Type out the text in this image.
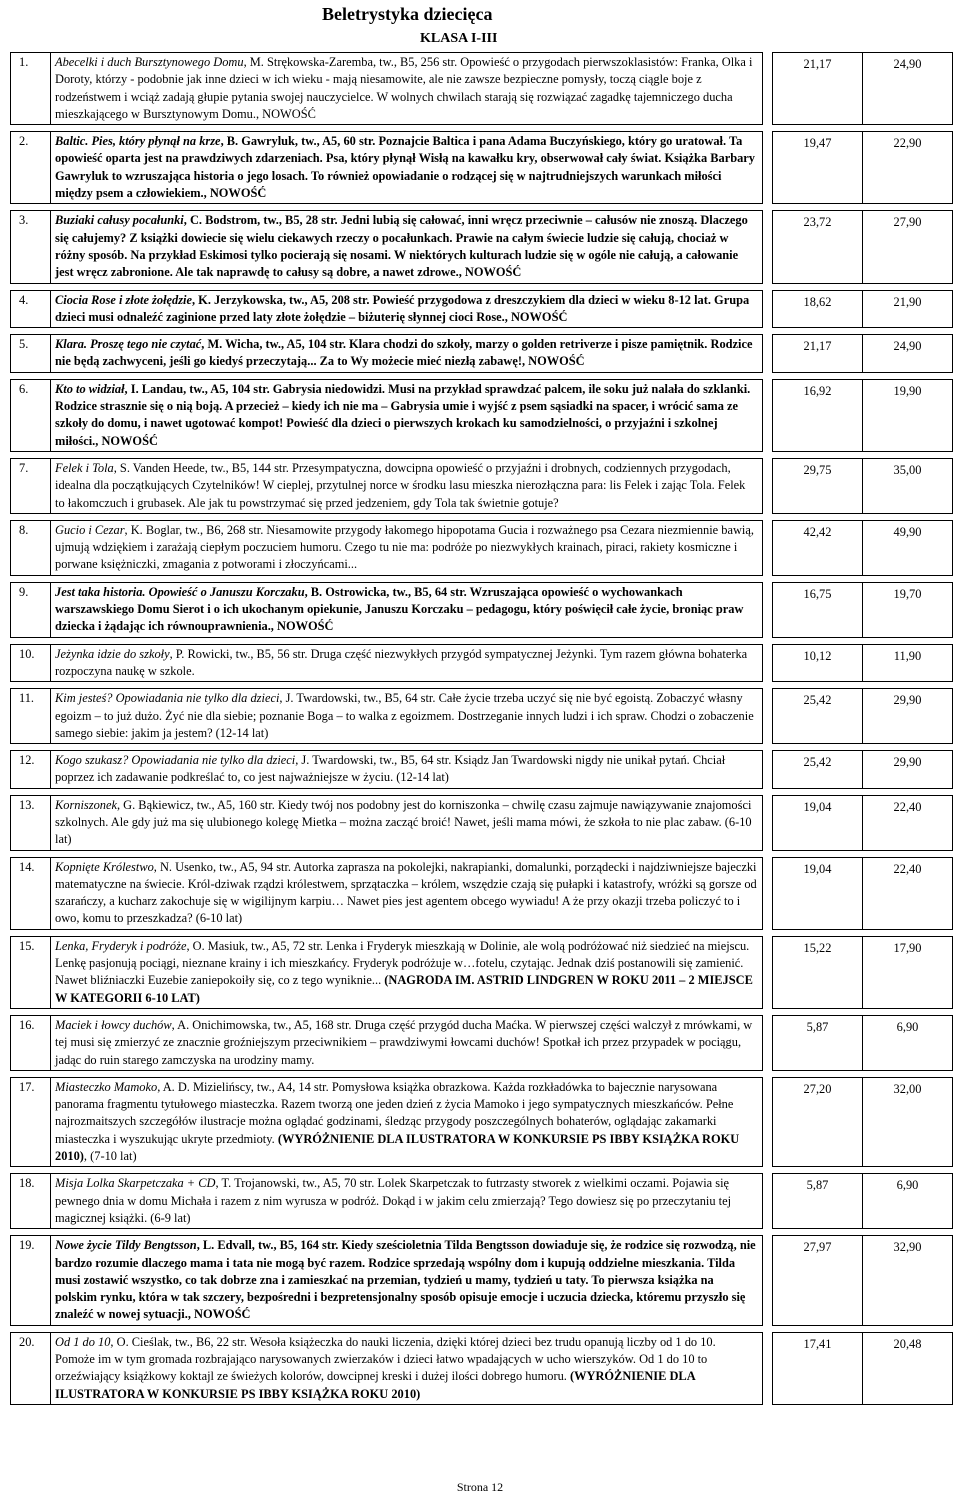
Beletrystyka dziecięca
KLASA I-III

1.	Abecelki i duch Bursztynowego Domu, M. Strękowska-Zaremba, tw., B5, 256 str. Opowieść o przygodach pierwszoklasistów: Franka, Olka i Doroty, którzy - podobnie jak inne dzieci w ich wieku - mają niesamowite, ale nie zawsze bezpieczne pomysły, toczą ciągle boje z rodzeństwem i wciąż zadają głupie pytania swojej nauczycielce. W wolnych chwilach starają się rozwiązać zagadkę tajemniczego ducha mieszkającego w Bursztynowym Domu., NOWOŚĆ		21,17	24,90

2.	Baltic. Pies, który płynął na krze, B. Gawryluk, tw., A5, 60 str. Poznajcie Baltica i pana Adama Buczyńskiego, który go uratował. Ta opowieść oparta jest na prawdziwych zdarzeniach. Psa, który płynął Wisłą na kawałku kry, obserwował cały świat. Książka Barbary Gawryluk to wzruszająca historia o jego losach. To również opowiadanie o rodzącej się w najtrudniejszych warunkach miłości między psem a człowiekiem., NOWOŚĆ		19,47	22,90

3.	Buziaki całusy pocałunki, C. Bodstrom, tw., B5, 28 str. Jedni lubią się całować, inni wręcz przeciwnie – całusów nie znoszą. Dlaczego się całujemy? Z książki dowiecie się wielu ciekawych rzeczy o pocałunkach. Prawie na całym świecie ludzie się całują, chociaż w różny sposób. Na przykład Eskimosi tylko pocierają się nosami. W niektórych kulturach ludzie się w ogóle nie całują, a całowanie jest wręcz zabronione. Ale tak naprawdę to całusy są dobre, a nawet zdrowe., NOWOŚĆ		23,72	27,90

4.	Ciocia Rose i złote żołędzie, K. Jerzykowska, tw., A5, 208 str. Powieść przygodowa z dreszczykiem dla dzieci w wieku 8-12 lat. Grupa dzieci musi odnaleźć zaginione przed laty złote żołędzie – biżuterię słynnej cioci Rose., NOWOŚĆ		18,62	21,90

5.	Klara. Proszę tego nie czytać, M. Wicha, tw., A5, 104 str. Klara chodzi do szkoły, marzy o golden retriverze i pisze pamiętnik. Rodzice nie będą zachwyceni, jeśli go kiedyś przeczytają... Za to Wy możecie mieć niezłą zabawę!, NOWOŚĆ		21,17	24,90

6.	Kto to widział, I. Landau, tw., A5, 104 str. Gabrysia niedowidzi. Musi na przykład sprawdzać palcem, ile soku już nalała do szklanki. Rodzice strasznie się o nią boją. A przecież – kiedy ich nie ma – Gabrysia umie i wyjść z psem sąsiadki na spacer, i wrócić sama ze szkoły do domu, i nawet ugotować kompot! Powieść dla dzieci o pierwszych krokach ku samodzielności, o przyjaźni i szkolnej miłości., NOWOŚĆ		16,92	19,90

7.	Felek i Tola, S. Vanden Heede, tw., B5, 144 str. Przesympatyczna, dowcipna opowieść o przyjaźni i drobnych, codziennych przygodach, idealna dla początkujących Czytelników! W cieplej, przytulnej norce w środku lasu mieszka nierozłączna para: lis Felek i zając Tola. Felek to łakomczuch i grubasek. Ale jak tu powstrzymać się przed jedzeniem, gdy Tola tak świetnie gotuje?		29,75	35,00

8.	Gucio i Cezar, K. Boglar, tw., B6, 268 str. Niesamowite przygody łakomego hipopotama Gucia i rozważnego psa Cezara niezmiennie bawią, ujmują wdziękiem i zarażają ciepłym poczuciem humoru. Czego tu nie ma: podróże po niezwykłych krainach, piraci, rakiety kosmiczne i porwane księżniczki, zmagania z potworami i złoczyńcami...		42,42	49,90

9.	Jest taka historia. Opowieść o Januszu Korczaku, B. Ostrowicka, tw., B5, 64 str. Wzruszająca opowieść o wychowankach warszawskiego Domu Sierot i o ich ukochanym opiekunie, Januszu Korczaku – pedagogu, który poświęcił całe życie, broniąc praw dziecka i żądając ich równouprawnienia., NOWOŚĆ		16,75	19,70

10.	Jeżynka idzie do szkoły, P. Rowicki, tw., B5, 56 str. Druga część niezwykłych przygód sympatycznej Jeżynki. Tym razem główna bohaterka rozpoczyna naukę w szkole.		10,12	11,90

11.	Kim jesteś? Opowiadania nie tylko dla dzieci, J. Twardowski, tw., B5, 64 str. Całe życie trzeba uczyć się nie być egoistą. Zobaczyć własny egoizm – to już dużo. Żyć nie dla siebie; poznanie Boga – to walka z egoizmem. Dostrzeganie innych ludzi i ich spraw. Chodzi o zobaczenie samego siebie: jakim ja jestem? (12-14 lat)		25,42	29,90

12.	Kogo szukasz? Opowiadania nie tylko dla dzieci, J. Twardowski, tw., B5, 64 str. Ksiądz Jan Twardowski nigdy nie unikał pytań. Chciał poprzez ich zadawanie podkreślać to, co jest najważniejsze w życiu. (12-14 lat)		25,42	29,90

13.	Korniszonek, G. Bąkiewicz, tw., A5, 160 str. Kiedy twój nos podobny jest do korniszonka – chwilę czasu zajmuje nawiązywanie znajomości szkolnych. Ale gdy już ma się ulubionego kolegę Mietka – można zacząć broić! Nawet, jeśli mama mówi, że szkoła to nie plac zabaw. (6-10 lat)		19,04	22,40

14.	Kopnięte Królestwo, N. Usenko, tw., A5, 94 str. Autorka zaprasza na pokolejki, nakrapianki, domalunki, porządecki i najdziwniejsze bajeczki matematyczne na świecie. Król-dziwak rządzi królestwem, sprzątaczka – królem, wszędzie czają się pułapki i katastrofy, wróżki są gorsze od szarańczy, a kucharz zakochuje się w wigilijnym karpiu… Nawet pies jest agentem obcego wywiadu! A że przy okazji trzeba policzyć to i owo, komu to przeszkadza? (6-10 lat)		19,04	22,40

15.	Lenka, Fryderyk i podróże, O. Masiuk, tw., A5, 72 str. Lenka i Fryderyk mieszkają w Dolinie, ale wolą podróżować niż siedzieć na miejscu. Lenkę pasjonują pociągi, nieznane krainy i ich mieszkańcy. Fryderyk podróżuje w…fotelu, czytając. Jednak dziś postanowili się zamienić. Nawet bliźniaczki Euzebie zaniepokoiły się, co z tego wyniknie... (NAGRODA IM. ASTRID LINDGREN W ROKU 2011 – 2 MIEJSCE W KATEGORII 6-10 LAT)		15,22	17,90

16.	Maciek i łowcy duchów, A. Onichimowska, tw., A5, 168 str. Druga część przygód ducha Maćka. W pierwszej części walczył z mrówkami, w tej musi się zmierzyć ze znacznie groźniejszym przeciwnikiem – prawdziwymi łowcami duchów! Spotkał ich przez przypadek w pociągu, jadąc do ruin starego zamczyska na urodziny mamy.		5,87	6,90

17.	Miasteczko Mamoko, A. D. Mizielińscy, tw., A4, 14 str. Pomysłowa książka obrazkowa. Każda rozkładówka to bajecznie narysowana panorama fragmentu tytułowego miasteczka. Razem tworzą one jeden dzień z życia Mamoko i jego sympatycznych mieszkańców. Pełne najrozmaitszych szczegółów ilustracje można oglądać godzinami, śledząc przygody poszczególnych bohaterów, oglądając zakamarki miasteczka i wyszukując ukryte przedmioty. (WYRÓŻNIENIE DLA ILUSTRATORA W KONKURSIE PS IBBY KSIĄŻKA ROKU 2010), (7-10 lat)		27,20	32,00

18.	Misja Lolka Skarpetczaka + CD, T. Trojanowski, tw., A5, 70 str. Lolek Skarpetczak to futrzasty stworek z wielkimi oczami. Pojawia się pewnego dnia w domu Michała i razem z nim wyrusza w podróż. Dokąd i w jakim celu zmierzają? Tego dowiesz się po przeczytaniu tej magicznej książki. (6-9 lat)		5,87	6,90

19.	Nowe życie Tildy Bengtsson, L. Edvall, tw., B5, 164 str. Kiedy sześcioletnia Tilda Bengtsson dowiaduje się, że rodzice się rozwodzą, nie bardzo rozumie dlaczego mama i tata nie mogą być razem. Rodzice sprzedają wspólny dom i kupują oddzielne mieszkania. Tilda musi zostawić wszystko, co tak dobrze zna i zamieszkać na przemian, tydzień u mamy, tydzień u taty. To pierwsza książka na polskim rynku, która w tak szczery, bezpośredni i bezpretensjonalny sposób opisuje emocje i uczucia dziecka, któremu przyszło się znaleźć w nowej sytuacji., NOWOŚĆ		27,97	32,90

20.	Od 1 do 10, O. Cieślak, tw., B6, 22 str. Wesoła książeczka do nauki liczenia, dzięki której dzieci bez trudu opanują liczby od 1 do 10. Pomoże im w tym gromada rozbrajająco narysowanych zwierzaków i dzieci łatwo wpadających w ucho wierszyków. Od 1 do 10 to orzeźwiający książkowy koktajl ze świeżych kolorów, dowcipnej kreski i dużej ilości dobrego humoru. (WYRÓŻNIENIE DLA ILUSTRATORA W KONKURSIE PS IBBY KSIĄŻKA ROKU 2010)		17,41	20,48
Strona 12
